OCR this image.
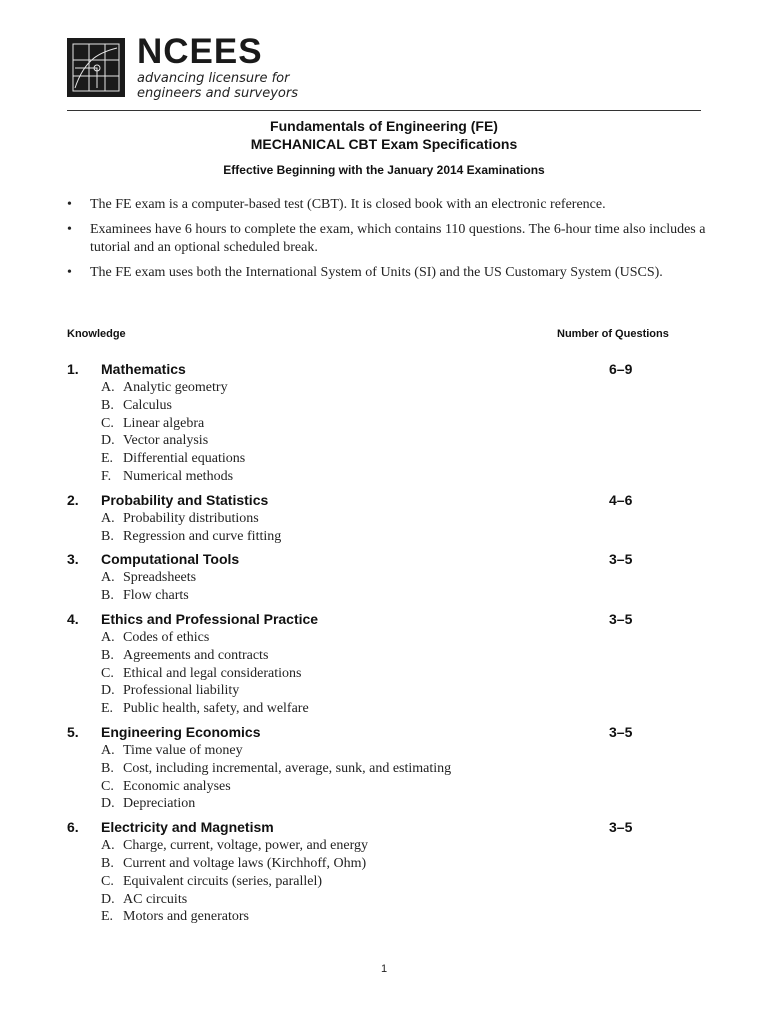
NCEES
advancing licensure for
engineers and surveyors
Fundamentals of Engineering (FE)
MECHANICAL CBT Exam Specifications
Effective Beginning with the January 2014 Examinations
• The FE exam is a computer-based test (CBT). It is closed book with an electronic reference.
• Examinees have 6 hours to complete the exam, which contains 110 questions. The 6-hour time also includes a tutorial and an optional scheduled break.
• The FE exam uses both the International System of Units (SI) and the US Customary System (USCS).
Knowledge	Number of Questions
1. Mathematics	6–9
A. Analytic geometry
B. Calculus
C. Linear algebra
D. Vector analysis
E. Differential equations
F. Numerical methods
2. Probability and Statistics	4–6
A. Probability distributions
B. Regression and curve fitting
3. Computational Tools	3–5
A. Spreadsheets
B. Flow charts
4. Ethics and Professional Practice	3–5
A. Codes of ethics
B. Agreements and contracts
C. Ethical and legal considerations
D. Professional liability
E. Public health, safety, and welfare
5. Engineering Economics	3–5
A. Time value of money
B. Cost, including incremental, average, sunk, and estimating
C. Economic analyses
D. Depreciation
6. Electricity and Magnetism	3–5
A. Charge, current, voltage, power, and energy
B. Current and voltage laws (Kirchhoff, Ohm)
C. Equivalent circuits (series, parallel)
D. AC circuits
E. Motors and generators
1
